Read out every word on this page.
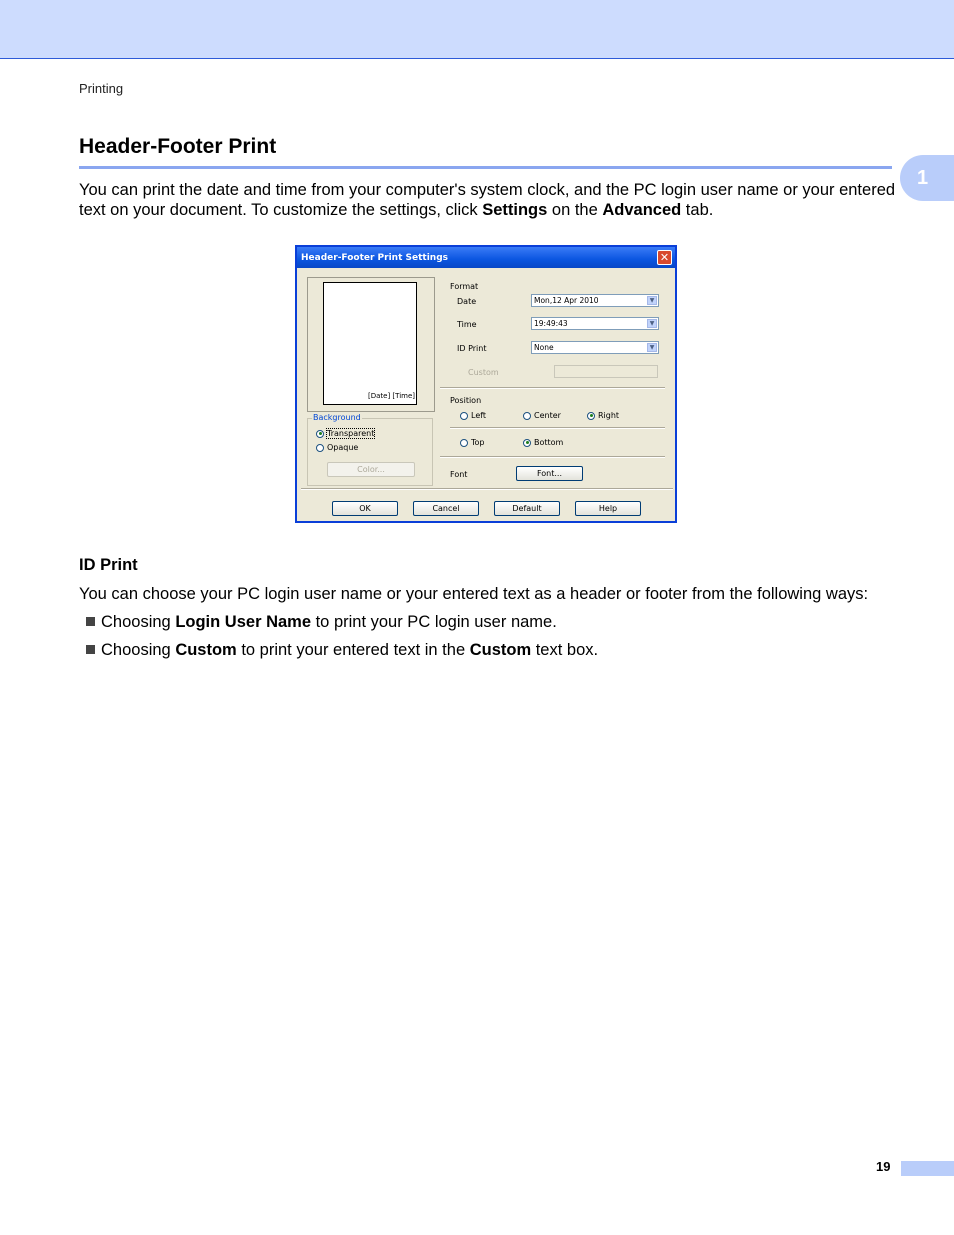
Printing
1
Header-Footer Print
You can print the date and time from your computer's system clock, and the PC login user name or your entered text on your document. To customize the settings, click Settings on the Advanced tab.
Header-Footer Print Settings	✕
[Date] [Time]
Background
Transparent
Opaque
Color...
Format
Date	Mon,12 Apr 2010	▼
Time	19:49:43	▼
ID Print	None	▼
Custom
Position
Left	Center	Right
Top	Bottom
Font	Font...
OK	Cancel	Default	Help
ID Print
You can choose your PC login user name or your entered text as a header or footer from the following ways:
Choosing Login User Name to print your PC login user name.
Choosing Custom to print your entered text in the Custom text box.
19
